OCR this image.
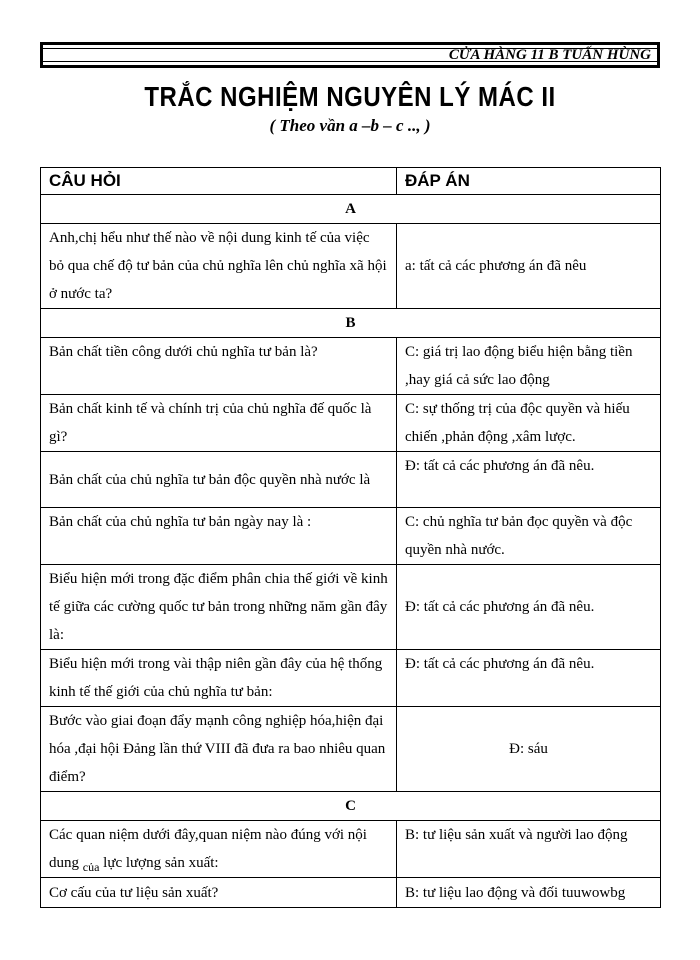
CỬA HÀNG 11 B TUẤN HÙNG
TRẮC NGHIỆM NGUYÊN LÝ MÁC II
( Theo vần a –b – c .., )
CÂU HỎI	ĐÁP ÁN
A	
Anh,chị hểu như thế nào về nội dung kinh tế của việc bỏ qua chế độ tư bản của chủ nghĩa lên chủ nghĩa xã hội ở nước ta?	a: tất cả các phương án đã nêu
B	
Bản chất tiền công dưới chủ nghĩa tư bản là?	C: giá trị lao động biểu hiện bằng tiền ,hay giá cả sức lao động
Bản chất kinh tế và chính trị của chủ nghĩa đế quốc là gì?	C: sự thống trị của độc quyền và hiếu chiến ,phản động ,xâm lược.
Bản chất của chủ nghĩa tư bản độc quyền nhà nước là	Đ: tất cả các phương án đã nêu.
Bản chất của chủ nghĩa tư bản ngày nay là :	C: chủ nghĩa tư bản đọc quyền và độc quyền nhà nước.
Biểu hiện mới trong đặc điểm phân chia thế giới về kinh tế giữa các cường quốc tư bản trong những năm gần đây là:	Đ: tất cả các phương án đã nêu.
Biểu hiện mới trong vài thập niên gần đây của hệ thống kinh tế thế giới của chủ nghĩa tư bản:	Đ: tất cả các phương án đã nêu.
Bước vào giai đoạn đẩy mạnh công nghiệp hóa,hiện đại hóa ,đại hội Đảng lần thứ VIII đã đưa ra bao nhiêu quan điểm?	Đ: sáu
C	
Các quan niệm dưới đây,quan niệm nào đúng với nội dung $_{của}$ lực lượng sản xuất:	B: tư liệu sản xuất và người lao động
Cơ cấu của tư liệu sản xuất?	B: tư liệu lao động và đối tuuwowbg
